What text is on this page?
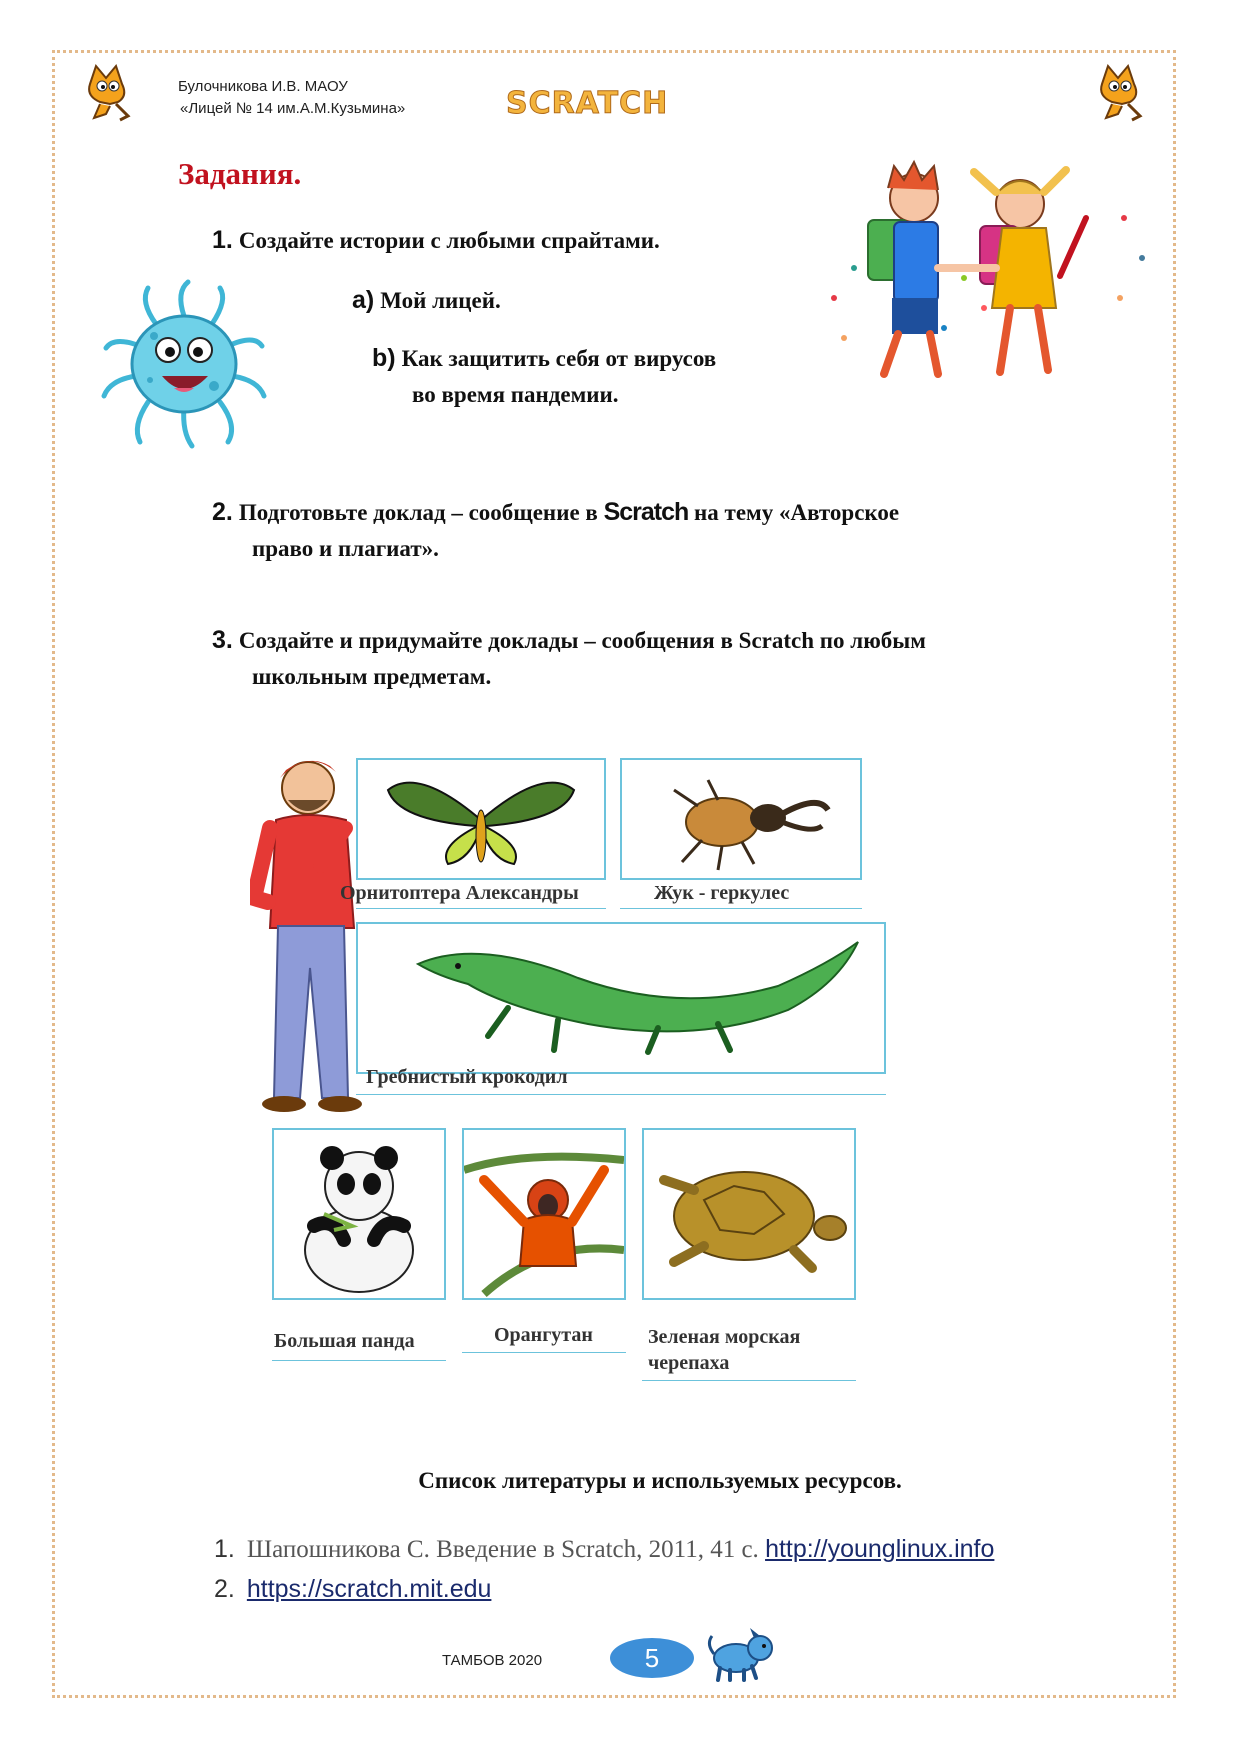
Булочникова И.В. МАОУ
«Лицей № 14 им.А.М.Кузьмина»	SCRATCH
Задания.
1. Создайте истории с любыми спрайтами.
a) Мой лицей.
b) Как защитить себя от вирусов
во время пандемии.
2. Подготовьте доклад – сообщение в Scratch на тему «Авторское
право и плагиат».
3. Создайте и придумайте доклады – сообщения в Scratch по любым
школьным предметам.
Орнитоптера Александры	Жук - геркулес
Гребнистый крокодил
Большая панда	Орангутан	Зеленая морская
черепаха
Список литературы и используемых ресурсов.
1. Шапошникова С. Введение в Scratch, 2011, 41 с. http://younglinux.info
2. https://scratch.mit.edu
ТАМБОВ 2020	5
